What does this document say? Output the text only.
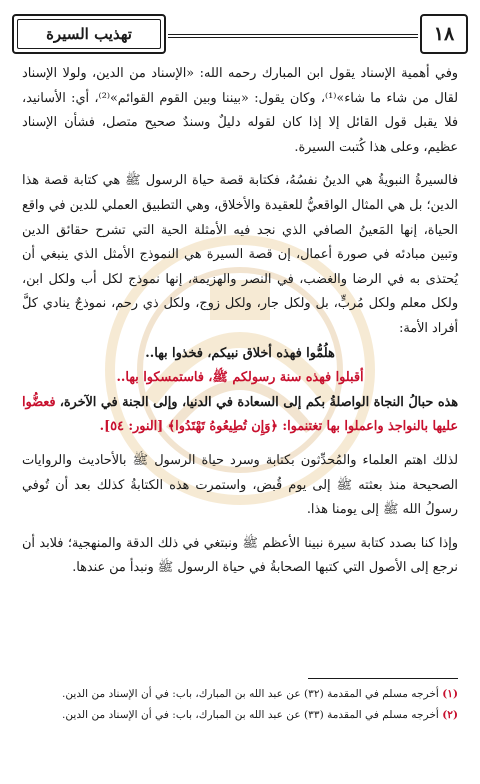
تهذيب السيرة	١٨

وفي أهمية الإسناد يقول ابن المبارك رحمه الله: «الإسناد من الدين، ولولا الإسناد لقال من شاء ما شاء»⁽¹⁾، وكان يقول: «بيننا وبين القوم القوائم»⁽²⁾، أي: الأسانيد، فلا يقبل قول القائل إلا إذا كان لقوله دليلٌ وسندٌ صحيح متصل، فشأن الإسناد عظيم، وعلى هذا كُتبت السيرة.

فالسيرةُ النبويةُ هي الدينُ نفسُهُ، فكتابة قصة حياة الرسول ﷺ هي كتابة قصة هذا الدين؛ بل هي المثال الواقعيُّ للعقيدة والأخلاق، وهي التطبيق العملي للدين في واقع الحياة، إنها المَعينُ الصافي الذي نجد فيه الأمثلة الحية التي تشرح حقائق الدين وتبين مبادئه في صورة أعمال، إن قصة السيرة هي النموذج الأمثل الذي ينبغي أن يُحتذى به في الرضا والغضب، في النصر والهزيمة، إنها نموذج لكل أب ولكل ابن، ولكل معلم ولكل مُربٍّ، بل ولكل جار، ولكل زوج، ولكل ذي رحم، نموذجٌ ينادي كلَّ أفراد الأمة:

هلُمُّوا فهذه أخلاق نبيكم، فخذوا بها..

أقبلوا فهذه سنة رسولكم ﷺ، فاستمسكوا بها..

هذه حبالُ النجاة الواصلةُ بكم إلى السعادة في الدنيا، وإلى الجنة في الآخرة، فعضُّوا عليها بالنواجذ واعملوا بها تغتنموا: ﴿وَإِن تُطِيعُوهُ تَهْتَدُوا﴾ [النور: ٥٤].

لذلك اهتم العلماء والمُحدِّثون بكتابة وسرد حياة الرسول ﷺ بالأحاديث والروايات الصحيحة منذ بعثته ﷺ إلى يوم قُبض، واستمرت هذه الكتابةُ كذلك بعد أن تُوفي رسولُ الله ﷺ إلى يومنا هذا.

وإذا كنا بصدد كتابة سيرة نبينا الأعظم ﷺ ونبتغي في ذلك الدقة والمنهجية؛ فلابد أن نرجع إلى الأصول التي كتبها الصحابةُ في حياة الرسول ﷺ ونبدأ من عندها.

(١) أخرجه مسلم في المقدمة (٣٢) عن عبد الله بن المبارك، باب: في أن الإسناد من الدين.

(٢) أخرجه مسلم في المقدمة (٣٣) عن عبد الله بن المبارك، باب: في أن الإسناد من الدين.
